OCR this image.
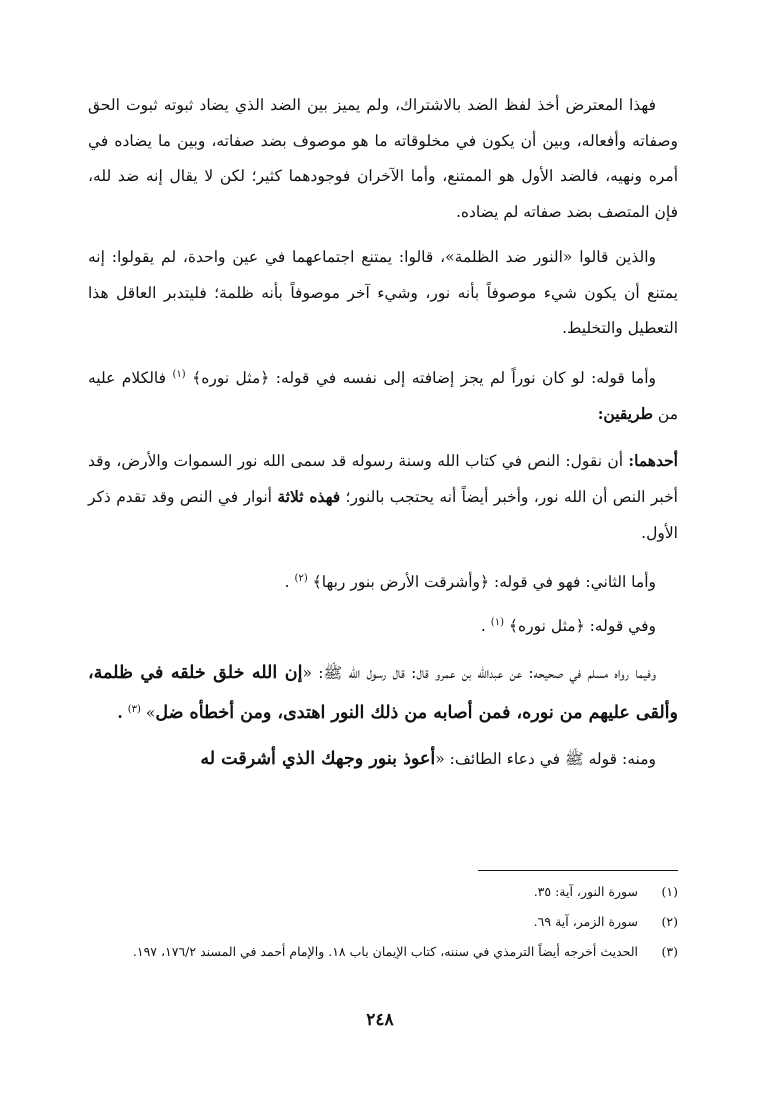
فهذا المعترض أخذ لفظ الضد بالاشتراك، ولم يميز بين الضد الذي يضاد ثبوته ثبوت الحق وصفاته وأفعاله، وبين أن يكون في مخلوقاته ما هو موصوف بضد صفاته، وبين ما يضاده في أمره ونهيه، فالضد الأول هو الممتنع، وأما الآخران فوجودهما كثير؛ لكن لا يقال إنه ضد لله، فإن المتصف بضد صفاته لم يضاده.

والذين قالوا «النور ضد الظلمة»، قالوا: يمتنع اجتماعهما في عين واحدة، لم يقولوا: إنه يمتنع أن يكون شيء موصوفاً بأنه نور، وشيء آخر موصوفاً بأنه ظلمة؛ فليتدبر العاقل هذا التعطيل والتخليط.

وأما قوله: لو كان نوراً لم يجز إضافته إلى نفسه في قوله: ﴿مثل نوره﴾ $^{(١)}$ فالكلام عليه من طريقين:

أحدهما: أن نقول: النص في كتاب الله وسنة رسوله قد سمى الله نور السموات والأرض، وقد أخبر النص أن الله نور، وأخبر أيضاً أنه يحتجب بالنور؛ فهذه ثلاثة أنوار في النص وقد تقدم ذكر الأول.

وأما الثاني: فهو في قوله: ﴿وأشرقت الأرض بنور ربها﴾ $^{(٢)}$ .

وفي قوله: ﴿مثل نوره﴾ $^{(١)}$ .

وفيما رواه مسلم في صحيحه: عن عبدالله بن عمرو قال: قال رسول الله ﷺ: «إن الله خلق خلقه في ظلمة، وألقى عليهم من نوره، فمن أصابه من ذلك النور اهتدى، ومن أخطأه ضل» $^{(٣)}$ .

ومنه: قوله ﷺ في دعاء الطائف: «أعوذ بنور وجهك الذي أشرقت له

(١)
سورة النور، آية: ٣٥.
(٢)
سورة الزمر، آية ٦٩.
(٣)
الحديث أخرجه أيضاً الترمذي في سننه، كتاب الإيمان باب ١٨. والإمام أحمد في المسند ١٧٦/٢، ١٩٧.
٢٤٨
